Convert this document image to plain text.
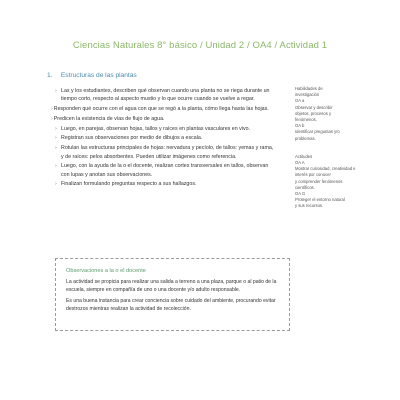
Ciencias Naturales 8° básico / Unidad 2 / OA4 / Actividad 1
1. Estructuras de las plantas
› Las y los estudiantes, describen qué observan cuando una planta no se riega durante un tiempo corto, respecto al aspecto mustio y lo que ocurre cuando se vuelve a regar.
›Responden qué ocurre con el agua con que se regó a la planta, cómo llega hasta las hojas.
›Predicen la existencia de vías de flujo de agua.
› Luego, en parejas, observan hojas, tallos y raíces en plantas vasculares en vivo.
› Registran sus observaciones por medio de dibujos a escala.
› Rotulan las estructuras principales de hojas: nervadura y pecíolo, de tallos: yemas y rama, y de raíces: pelos absorbentes. Pueden utilizar imágenes como referencia.
› Luego, con la ayuda de la o el docente, realizan cortes transversales en tallos, observan con lupas y anotan sus observaciones.
› Finalizan formulando preguntas respecto a sus hallazgos.
Habilidades de
investigación
OA a
Observar y describir
objetos, procesos y
fenómenos.
OA b
Identificar preguntas y/o
problemas.
Actitudes
OA A
Mostrar curiosidad, creatividad e interés por conocer
y comprender fenómenos
científicos.
OA G
Proteger el entorno natural
y sus recursos.
Observaciones a la o el docente

La actividad se propicia para realizar una salida a terreno a una plaza, parque o al patio de la escuela, siempre en compañía de uno o una docente y/o adulto responsable.

Es una buena instancia para crear conciencia sobre cuidado del ambiente, procurando evitar destrozos mientras realizan la actividad de recolección.
